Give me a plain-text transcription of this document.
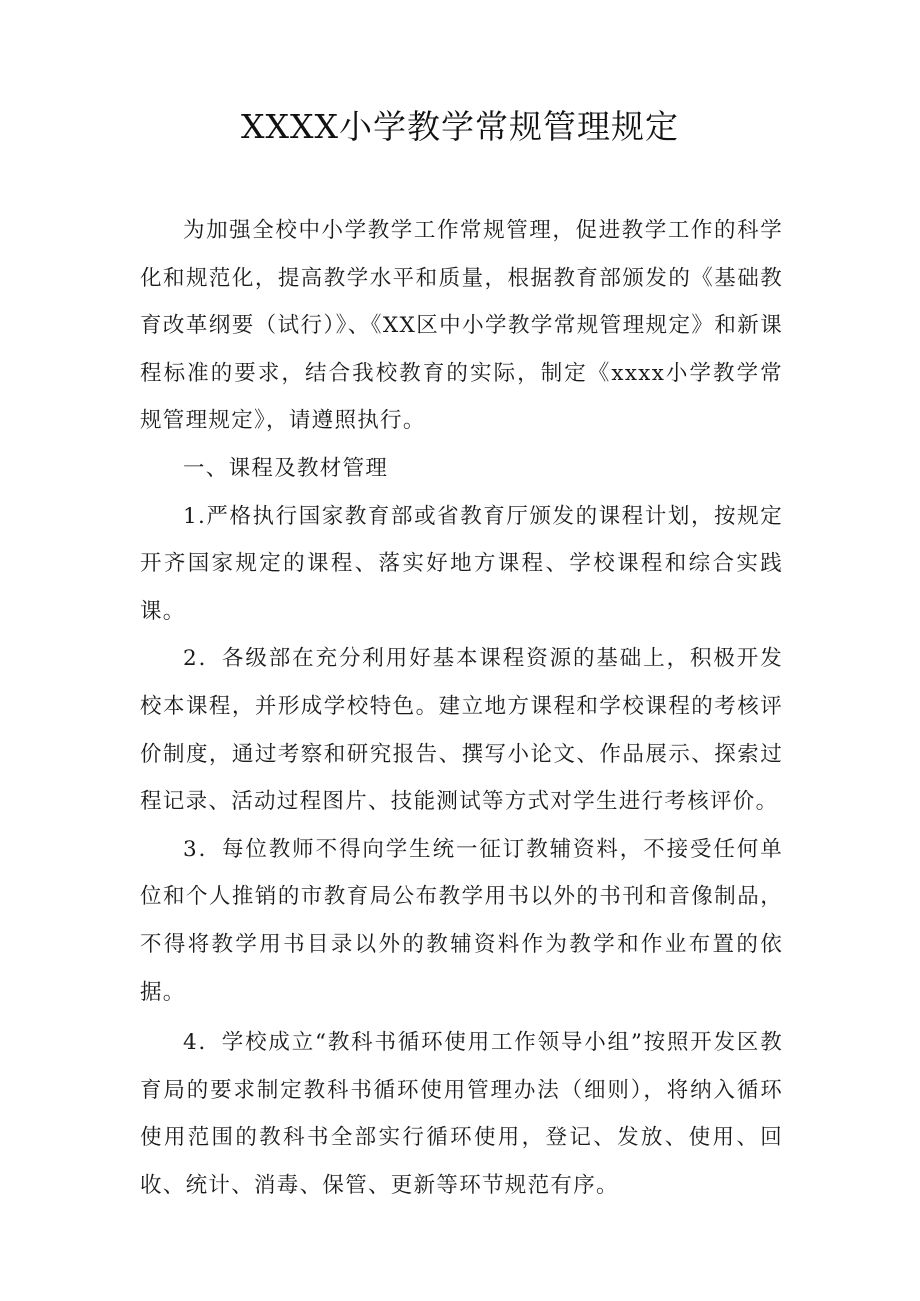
XXXX小学教学常规管理规定

为加强全校中小学教学工作常规管理，促进教学工作的科学化和规范化，提高教学水平和质量，根据教育部颁发的《基础教育改革纲要（试行）》、《XX区中小学教学常规管理规定》和新课程标准的要求，结合我校教育的实际，制定《xxxx小学教学常规管理规定》，请遵照执行。

一、课程及教材管理

1.严格执行国家教育部或省教育厅颁发的课程计划，按规定开齐国家规定的课程、落实好地方课程、学校课程和综合实践课。

2．各级部在充分利用好基本课程资源的基础上，积极开发校本课程，并形成学校特色。建立地方课程和学校课程的考核评价制度，通过考察和研究报告、撰写小论文、作品展示、探索过程记录、活动过程图片、技能测试等方式对学生进行考核评价。

3．每位教师不得向学生统一征订教辅资料，不接受任何单位和个人推销的市教育局公布教学用书以外的书刊和音像制品，不得将教学用书目录以外的教辅资料作为教学和作业布置的依据。

4．学校成立“教科书循环使用工作领导小组”按照开发区教育局的要求制定教科书循环使用管理办法（细则），将纳入循环使用范围的教科书全部实行循环使用，登记、发放、使用、回收、统计、消毒、保管、更新等环节规范有序。
